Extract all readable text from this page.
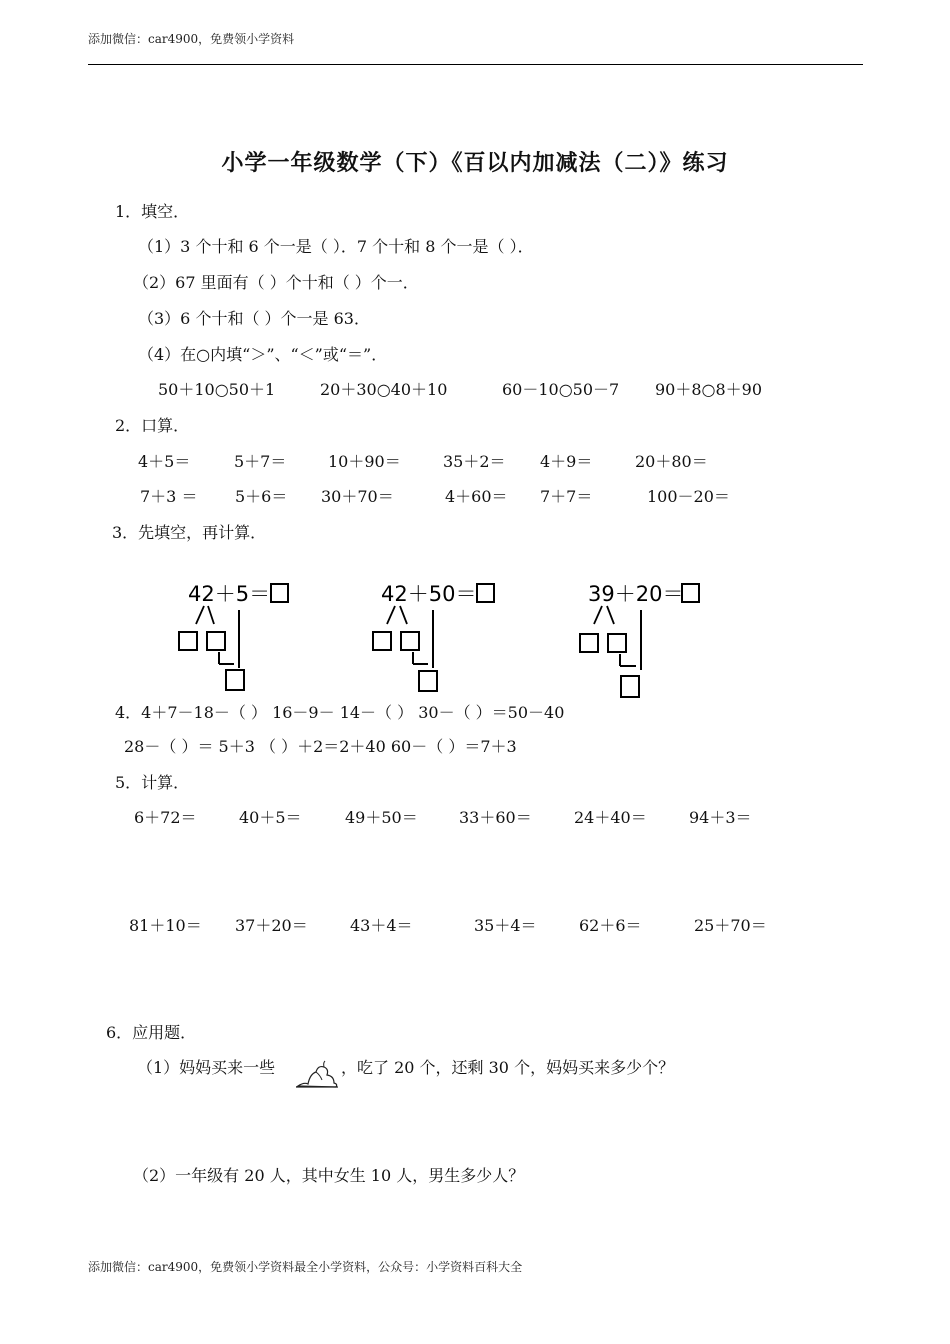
添加微信：car4900，免费领小学资料
小学一年级数学（下）《百以内加减法（二）》练习
1．填空．
（1）3 个十和 6 个一是（ ）．7 个十和 8 个一是（ ）．
（2）67 里面有（ ）个十和（ ）个一．
（3）6 个十和（ ）个一是 63．
（4）在○内填“＞”、“＜”或“＝”．
50＋10○50＋1	20＋30○40＋10	60－10○50－7 90＋8○8＋90
2．口算．
4＋5＝	5＋7＝	10＋90＝	35＋2＝ 4＋9＝	20＋80＝
7＋3 ＝ 5＋6＝ 30＋70＝	4＋60＝ 7＋7＝	100－20＝
3．先填空，再计算．
42＋5＝	42＋50＝	39＋20＝
4．4＋7－18－（ ） 16－9－ 14－（ ） 30－（ ）＝50－40
28－（ ）＝ 5＋3 （ ）＋2＝2＋40 60－（ ）＝7＋3
5．计算．
6＋72＝	40＋5＝	49＋50＝	33＋60＝	24＋40＝	94＋3＝
81＋10＝ 37＋20＝	43＋4＝	35＋4＝	62＋6＝	25＋70＝
6．应用题．
（1）妈妈买来一些	，吃了 20 个，还剩 30 个，妈妈买来多少个？
（2）一年级有 20 人，其中女生 10 人，男生多少人？
添加微信：car4900，免费领小学资料最全小学资料，公众号：小学资料百科大全
